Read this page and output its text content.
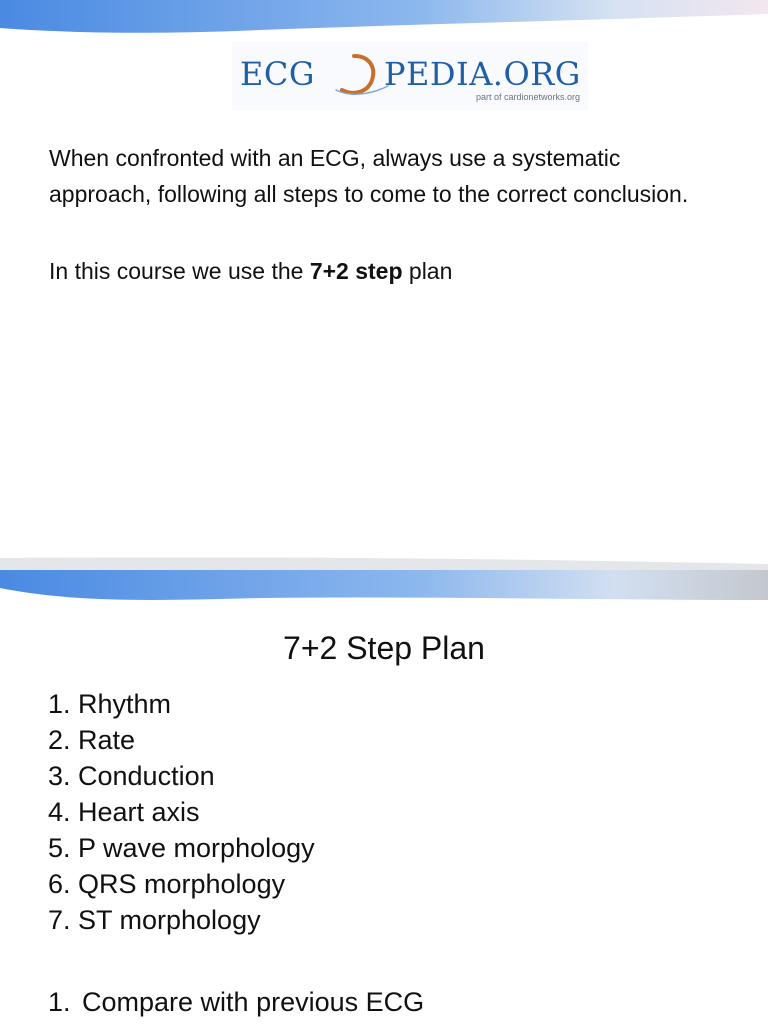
ECG PEDIA.ORG
part of cardionetworks.org

When confronted with an ECG, always use a systematic approach, following all steps to come to the correct conclusion.

In this course we use the 7+2 step plan

7+2 Step Plan
1. Rhythm
2. Rate
3. Conduction
4. Heart axis
5. P wave morphology
6. QRS morphology
7. ST morphology
1. Compare with previous ECG
